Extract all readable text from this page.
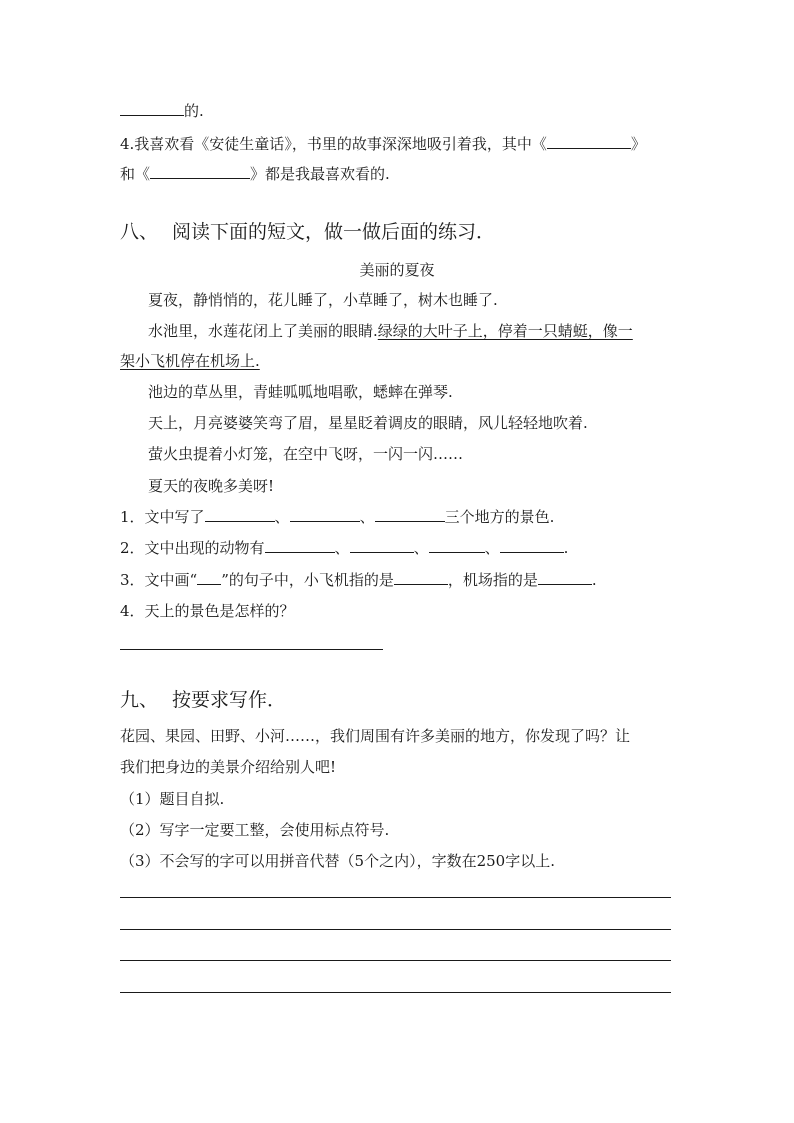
的.
4.我喜欢看《安徒生童话》，书里的故事深深地吸引着我，其中《	》
和《	》都是我最喜欢看的.
八、 阅读下面的短文，做一做后面的练习．
美丽的夏夜
夏夜，静悄悄的，花儿睡了，小草睡了，树木也睡了.
水池里，水莲花闭上了美丽的眼睛.绿绿的大叶子上，停着一只蜻蜓，像一
架小飞机停在机场上.
池边的草丛里，青蛙呱呱地唱歌，蟋蟀在弹琴.
天上，月亮婆婆笑弯了眉，星星眨着调皮的眼睛，风儿轻轻地吹着.
萤火虫提着小灯笼，在空中飞呀，一闪一闪……
夏天的夜晚多美呀!
1．文中写了	、	、	三个地方的景色.
2．文中出现的动物有	、	、	、	.
3．文中画“ ”的句子中，小飞机指的是	，机场指的是	.
4．天上的景色是怎样的？
九、 按要求写作．
花园、果园、田野、小河……，我们周围有许多美丽的地方，你发现了吗？让
我们把身边的美景介绍给别人吧!
（1）题目自拟.
（2）写字一定要工整，会使用标点符号.
（3）不会写的字可以用拼音代替（5个之内），字数在250字以上.
